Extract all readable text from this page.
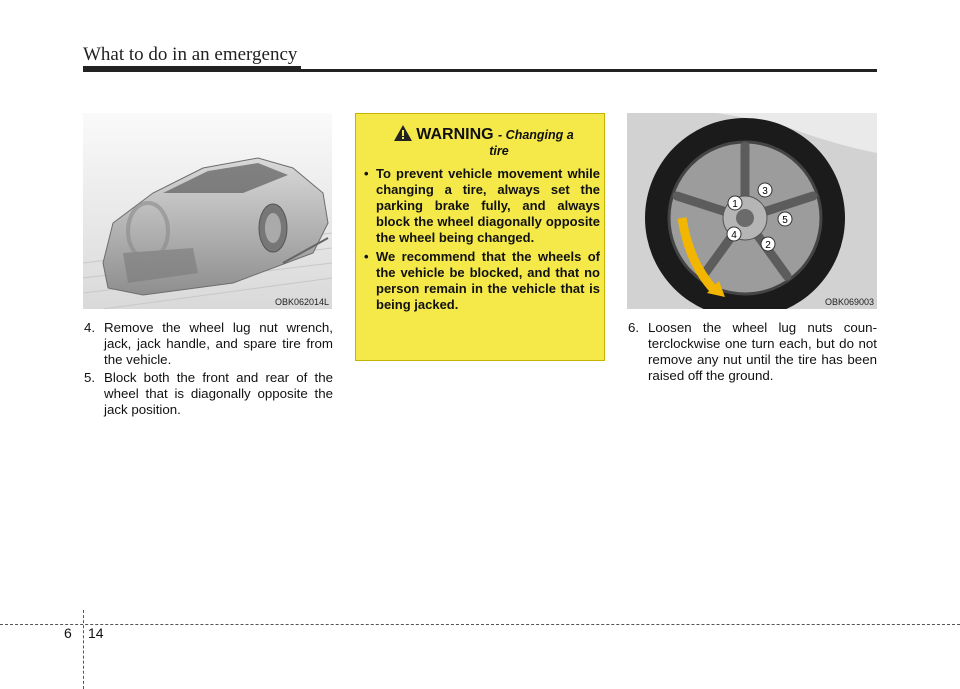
What to do in an emergency
OBK062014L
1
2
3
4
5
OBK069003
4. Remove the wheel lug nut wrench, jack, jack handle, and spare tire from the vehicle.
5. Block both the front and rear of the wheel that is diagonally opposite the jack position.
6. Loosen the wheel lug nuts coun-terclockwise one turn each, but do not remove any nut until the tire has been raised off the ground.
WARNING - Changing a
tire
• To prevent vehicle movement while changing a tire, always set the parking brake fully, and always block the wheel diagonally opposite the wheel being changed.
• We recommend that the wheels of the vehicle be blocked, and that no person remain in the vehicle that is being jacked.
6 14
